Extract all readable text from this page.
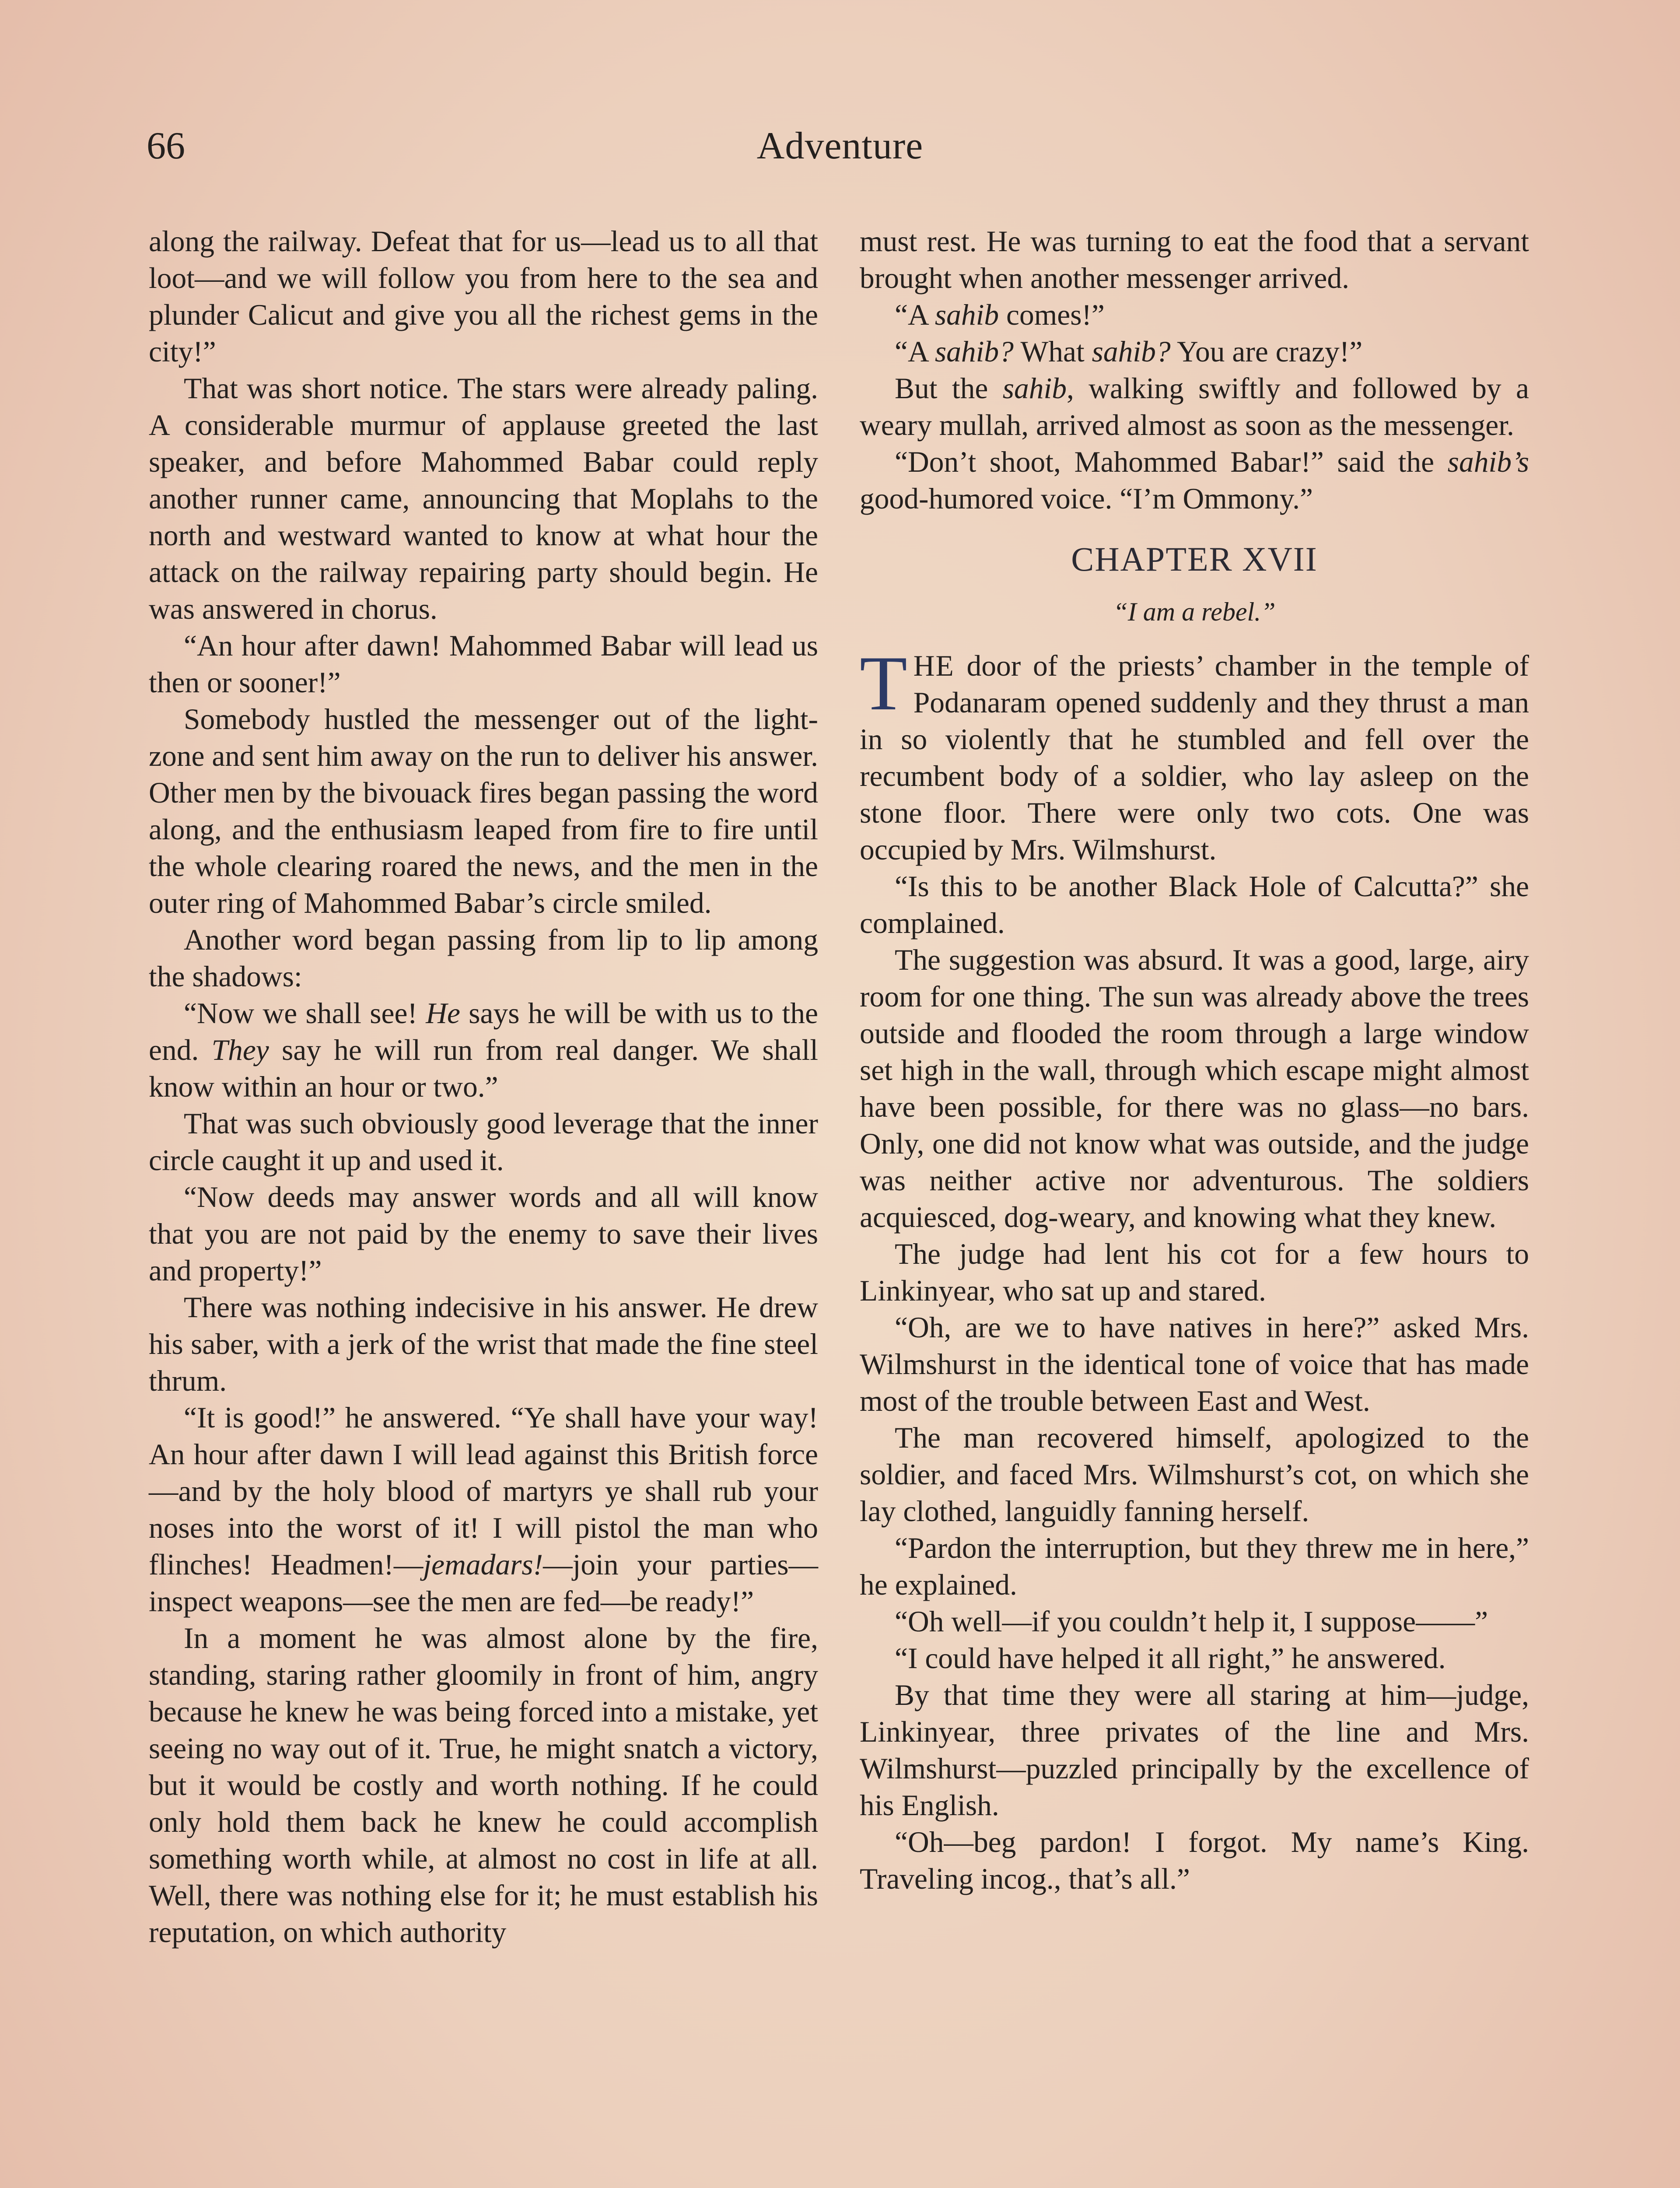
66	Adventure

along the railway. Defeat that for us—lead us to all that loot—and we will follow you from here to the sea and plunder Calicut and give you all the richest gems in the city!”

That was short notice. The stars were already paling. A considerable murmur of applause greeted the last speaker, and before Mahommed Babar could reply another runner came, announcing that Moplahs to the north and westward wanted to know at what hour the attack on the railway repairing party should begin. He was answered in chorus.

“An hour after dawn! Mahommed Babar will lead us then or sooner!”

Somebody hustled the messenger out of the light-zone and sent him away on the run to deliver his answer. Other men by the bivouack fires began passing the word along, and the enthusiasm leaped from fire to fire until the whole clearing roared the news, and the men in the outer ring of Mahommed Babar’s circle smiled.

Another word began passing from lip to lip among the shadows:

“Now we shall see! He says he will be with us to the end. They say he will run from real danger. We shall know within an hour or two.”

That was such obviously good leverage that the inner circle caught it up and used it.

“Now deeds may answer words and all will know that you are not paid by the enemy to save their lives and property!”

There was nothing indecisive in his answer. He drew his saber, with a jerk of the wrist that made the fine steel thrum.

“It is good!” he answered. “Ye shall have your way! An hour after dawn I will lead against this British force—and by the holy blood of martyrs ye shall rub your noses into the worst of it! I will pistol the man who flinches! Headmen!—jemadars!—join your parties—inspect weapons—see the men are fed—be ready!”

In a moment he was almost alone by the fire, standing, staring rather gloomily in front of him, angry because he knew he was being forced into a mistake, yet seeing no way out of it. True, he might snatch a victory, but it would be costly and worth nothing. If he could only hold them back he knew he could accomplish something worth while, at almost no cost in life at all. Well, there was nothing else for it; he must establish his reputation, on which authority

must rest. He was turning to eat the food that a servant brought when another messenger arrived.

“A sahib comes!”

“A sahib? What sahib? You are crazy!”

But the sahib, walking swiftly and followed by a weary mullah, arrived almost as soon as the messenger.

“Don’t shoot, Mahommed Babar!” said the sahib’s good-humored voice. “I’m Ommony.”

CHAPTER XVII
“I am a rebel.”

THE door of the priests’ chamber in the temple of Podanaram opened suddenly and they thrust a man in so violently that he stumbled and fell over the recumbent body of a soldier, who lay asleep on the stone floor. There were only two cots. One was occupied by Mrs. Wilmshurst.

“Is this to be another Black Hole of Calcutta?” she complained.

The suggestion was absurd. It was a good, large, airy room for one thing. The sun was already above the trees outside and flooded the room through a large window set high in the wall, through which escape might almost have been possible, for there was no glass—no bars. Only, one did not know what was outside, and the judge was neither active nor adventurous. The soldiers acquiesced, dog-weary, and knowing what they knew.

The judge had lent his cot for a few hours to Linkinyear, who sat up and stared.

“Oh, are we to have natives in here?” asked Mrs. Wilmshurst in the identical tone of voice that has made most of the trouble between East and West.

The man recovered himself, apologized to the soldier, and faced Mrs. Wilmshurst’s cot, on which she lay clothed, languidly fanning herself.

“Pardon the interruption, but they threw me in here,” he explained.

“Oh well—if you couldn’t help it, I suppose——”

“I could have helped it all right,” he answered.

By that time they were all staring at him—judge, Linkinyear, three privates of the line and Mrs. Wilmshurst—puzzled principally by the excellence of his English.

“Oh—beg pardon! I forgot. My name’s King. Traveling incog., that’s all.”
